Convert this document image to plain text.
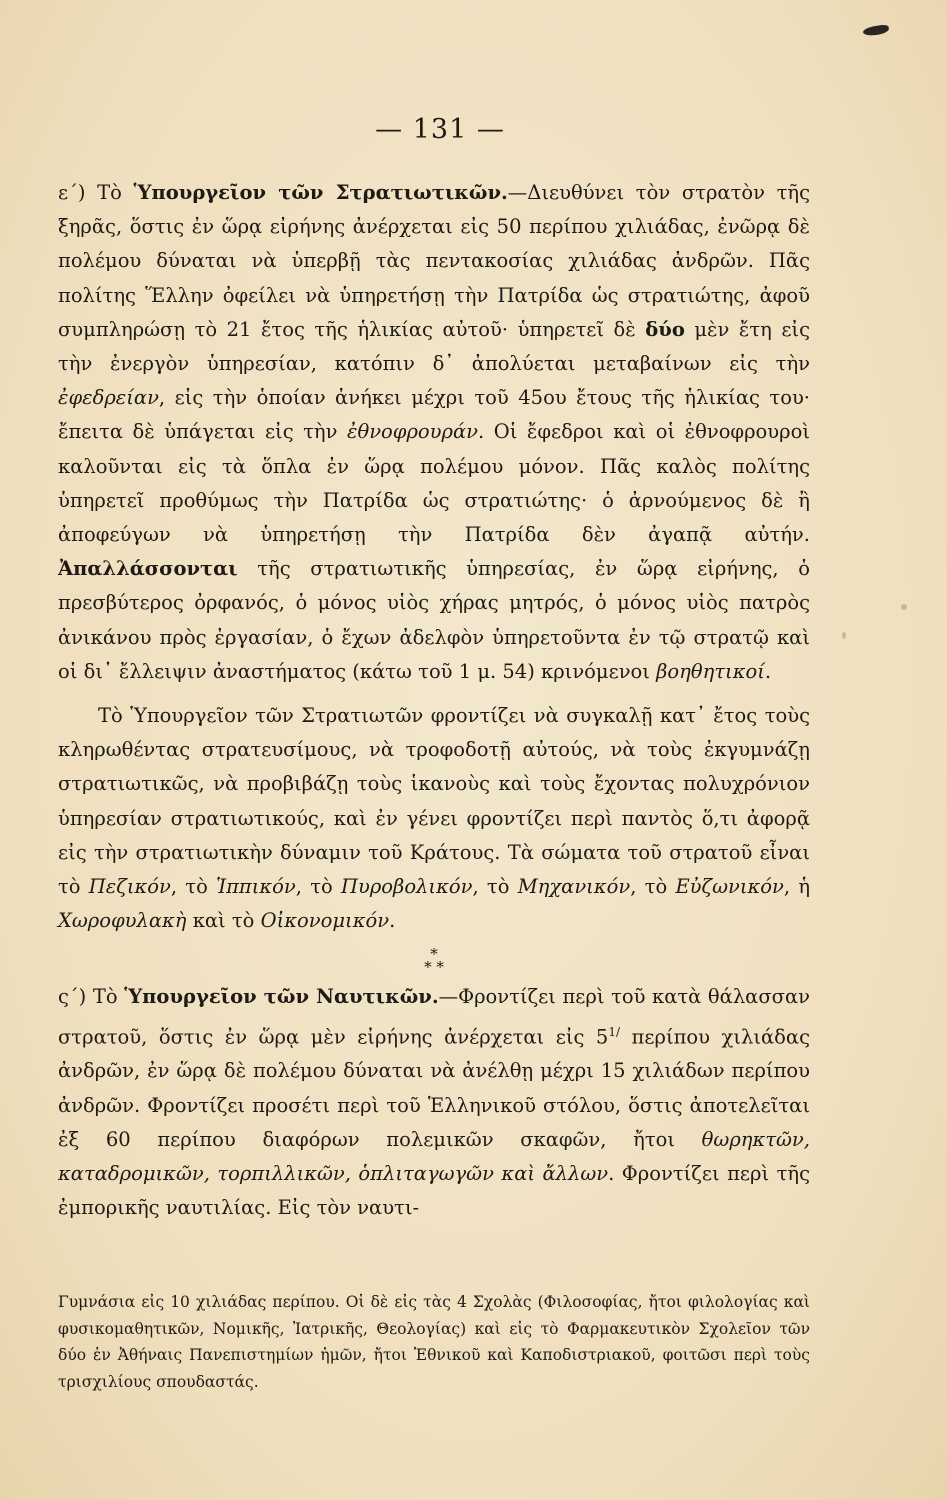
— 131 —

ε΄) Τὸ Ὑπουργεῖον τῶν Στρατιωτικῶν.—Διευθύνει τὸν στρατὸν τῆς ξηρᾶς, ὅστις ἐν ὥρᾳ εἰρήνης ἀνέρχεται εἰς 50 περίπου χιλιάδας, ἐνῶρᾳ δὲ πολέμου δύναται νὰ ὑπερβῇ τὰς πεντακοσίας χιλιάδας ἀνδρῶν. Πᾶς πολίτης Ἕλλην ὀφείλει νὰ ὑπηρετήσῃ τὴν Πατρίδα ὡς στρατιώτης, ἀφοῦ συμπληρώσῃ τὸ 21 ἔτος τῆς ἡλικίας αὐτοῦ· ὑπηρετεῖ δὲ δύο μὲν ἔτη εἰς τὴν ἐνεργὸν ὑπηρεσίαν, κατόπιν δ᾽ ἀπολύεται μεταβαίνων εἰς τὴν ἐφεδρείαν, εἰς τὴν ὁποίαν ἀνήκει μέχρι τοῦ 45ου ἔτους τῆς ἡλικίας του· ἔπειτα δὲ ὑπάγεται εἰς τὴν ἐθνοφρουράν. Οἱ ἔφεδροι καὶ οἱ ἐθνοφρουροὶ καλοῦνται εἰς τὰ ὅπλα ἐν ὥρᾳ πολέμου μόνον. Πᾶς καλὸς πολίτης ὑπηρετεῖ προθύμως τὴν Πατρίδα ὡς στρατιώτης· ὁ ἀρνούμενος δὲ ἢ ἀποφεύγων νὰ ὑπηρετήσῃ τὴν Πατρίδα δὲν ἀγαπᾷ αὐτήν. Ἀπαλλάσσονται τῆς στρατιωτικῆς ὑπηρεσίας, ἐν ὥρᾳ εἰρήνης, ὁ πρεσβύτερος ὀρφανός, ὁ μόνος υἱὸς χήρας μητρός, ὁ μόνος υἱὸς πατρὸς ἀνικάνου πρὸς ἐργασίαν, ὁ ἔχων ἀδελφὸν ὑπηρετοῦντα ἐν τῷ στρατῷ καὶ οἱ δι᾽ ἔλλειψιν ἀναστήματος (κάτω τοῦ 1 μ. 54) κρινόμενοι βοηθητικοί.

Τὸ Ὑπουργεῖον τῶν Στρατιωτῶν φροντίζει νὰ συγκαλῇ κατ᾽ ἔτος τοὺς κληρωθέντας στρατευσίμους, νὰ τροφοδοτῇ αὐτούς, νὰ τοὺς ἐκγυμνάζῃ στρατιωτικῶς, νὰ προβιβάζῃ τοὺς ἱκανοὺς καὶ τοὺς ἔχοντας πολυχρόνιον ὑπηρεσίαν στρατιωτικούς, καὶ ἐν γένει φροντίζει περὶ παντὸς ὅ,τι ἀφορᾷ εἰς τὴν στρατιωτικὴν δύναμιν τοῦ Κράτους. Τὰ σώματα τοῦ στρατοῦ εἶναι τὸ Πεζικόν, τὸ Ἱππικόν, τὸ Πυροβολικόν, τὸ Μηχανικόν, τὸ Εὐζωνικόν, ἡ Χωροφυλακὴ καὶ τὸ Οἰκονομικόν.

*
* *

ς΄) Τὸ Ὑπουργεῖον τῶν Ναυτικῶν.—Φροντίζει περὶ τοῦ κατὰ θάλασσαν στρατοῦ, ὅστις ἐν ὥρᾳ μὲν εἰρήνης ἀνέρχεται εἰς $5^{1/}$ περίπου χιλιάδας ἀνδρῶν, ἐν ὥρᾳ δὲ πολέμου δύναται νὰ ἀνέλθῃ μέχρι 15 χιλιάδων περίπου ἀνδρῶν. Φροντίζει προσέτι περὶ τοῦ Ἑλληνικοῦ στόλου, ὅστις ἀποτελεῖται ἐξ 60 περίπου διαφόρων πολεμικῶν σκαφῶν, ἤτοι θωρηκτῶν, καταδρομικῶν, τορπιλλικῶν, ὁπλιταγωγῶν καὶ ἄλλων. Φροντίζει περὶ τῆς ἐμπορικῆς ναυτιλίας. Εἰς τὸν ναυτι-

Γυμνάσια εἰς 10 χιλιάδας περίπου. Οἱ δὲ εἰς τὰς 4 Σχολὰς (Φιλοσοφίας, ἤτοι φιλολογίας καὶ φυσικομαθητικῶν, Νομικῆς, Ἰατρικῆς, Θεολογίας) καὶ εἰς τὸ Φαρμακευτικὸν Σχολεῖον τῶν δύο ἐν Ἀθήναις Πανεπιστημίων ἡμῶν, ἤτοι Ἐθνικοῦ καὶ Καποδιστριακοῦ, φοιτῶσι περὶ τοὺς τρισχιλίους σπουδαστάς.
